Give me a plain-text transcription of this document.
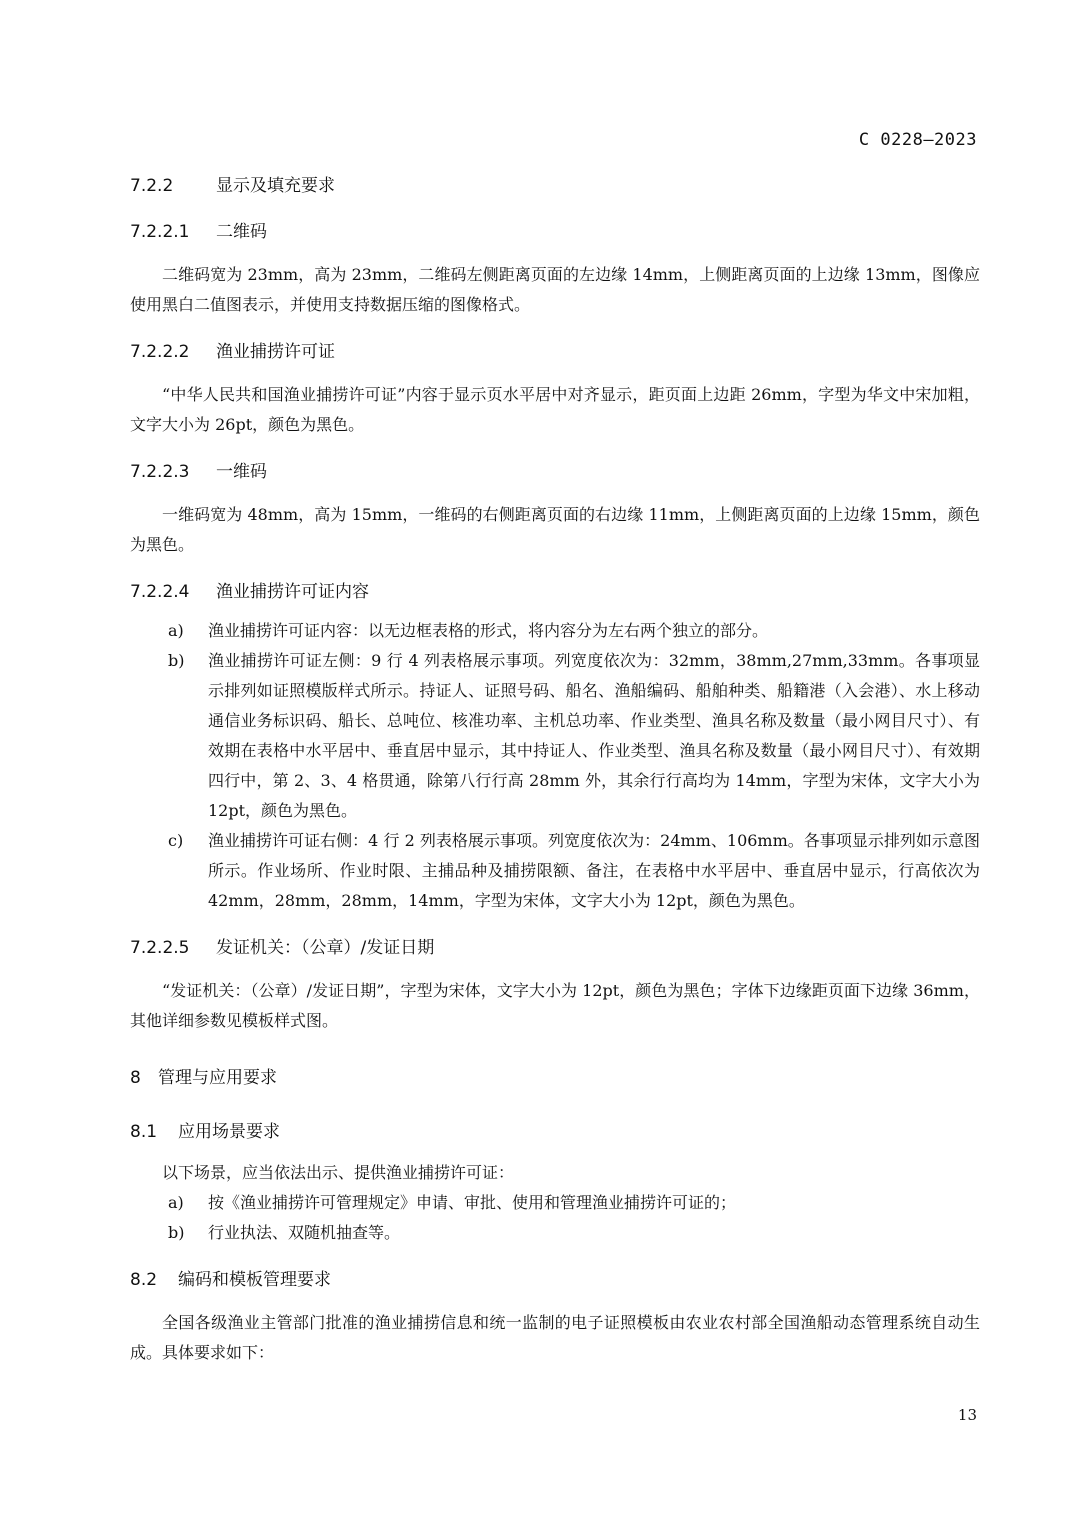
C 0228—2023
7.2.2	显示及填充要求
7.2.2.1 二维码

二维码宽为 23mm，高为 23mm，二维码左侧距离页面的左边缘 14mm，上侧距离页面的上边缘 13mm，图像应使用黑白二值图表示，并使用支持数据压缩的图像格式。

7.2.2.2 渔业捕捞许可证

“中华人民共和国渔业捕捞许可证”内容于显示页水平居中对齐显示，距页面上边距 26mm，字型为华文中宋加粗，文字大小为 26pt，颜色为黑色。

7.2.2.3 一维码

一维码宽为 48mm，高为 15mm，一维码的右侧距离页面的右边缘 11mm，上侧距离页面的上边缘 15mm，颜色为黑色。

7.2.2.4 渔业捕捞许可证内容
a) 渔业捕捞许可证内容：以无边框表格的形式，将内容分为左右两个独立的部分。
b) 渔业捕捞许可证左侧：9 行 4 列表格展示事项。列宽度依次为：32mm，38mm,27mm,33mm。各事项显示排列如证照模版样式所示。持证人、证照号码、船名、渔船编码、船舶种类、船籍港（入会港）、水上移动通信业务标识码、船长、总吨位、核准功率、主机总功率、作业类型、渔具名称及数量（最小网目尺寸）、有效期在表格中水平居中、垂直居中显示，其中持证人、作业类型、渔具名称及数量（最小网目尺寸）、有效期四行中，第 2、3、4 格贯通，除第八行行高 28mm 外，其余行行高均为 14mm，字型为宋体，文字大小为 12pt，颜色为黑色。
c) 渔业捕捞许可证右侧：4 行 2 列表格展示事项。列宽度依次为：24mm、106mm。各事项显示排列如示意图所示。作业场所、作业时限、主捕品种及捕捞限额、备注，在表格中水平居中、垂直居中显示，行高依次为 42mm，28mm，28mm，14mm，字型为宋体，文字大小为 12pt，颜色为黑色。
7.2.2.5 发证机关：（公章）/发证日期

“发证机关：（公章）/发证日期”，字型为宋体，文字大小为 12pt，颜色为黑色；字体下边缘距页面下边缘 36mm，其他详细参数见模板样式图。

8 管理与应用要求
8.1 应用场景要求

以下场景，应当依法出示、提供渔业捕捞许可证：

a) 按《渔业捕捞许可管理规定》申请、审批、使用和管理渔业捕捞许可证的；
b) 行业执法、双随机抽查等。
8.2 编码和模板管理要求

全国各级渔业主管部门批准的渔业捕捞信息和统一监制的电子证照模板由农业农村部全国渔船动态管理系统自动生成。具体要求如下：

13
